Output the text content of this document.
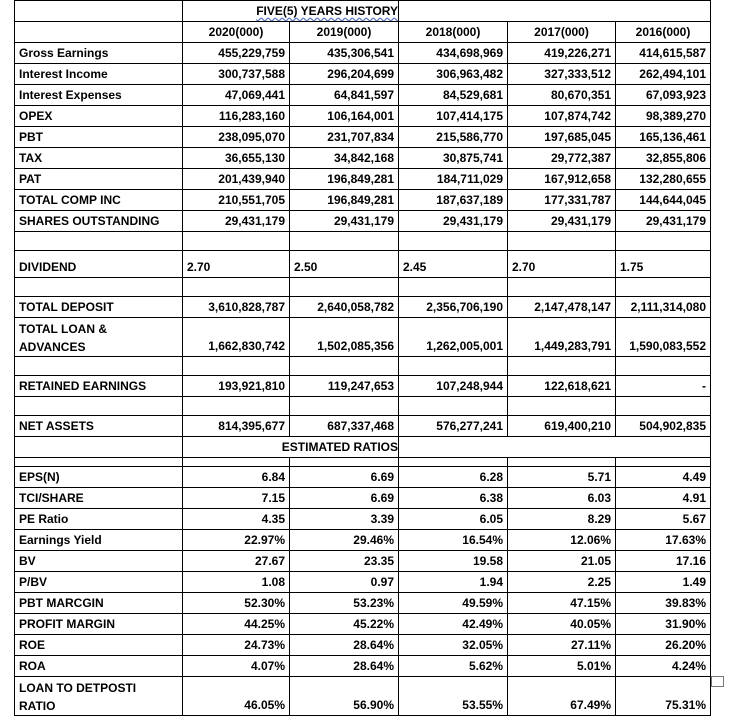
	FIVE(5) YEARS HISTORY				
	2020(000)	2019(000)	2018(000)	2017(000)	2016(000)
Gross Earnings	455,229,759	435,306,541	434,698,969	419,226,271	414,615,587
Interest Income	300,737,588	296,204,699	306,963,482	327,333,512	262,494,101
Interest Expenses	47,069,441	64,841,597	84,529,681	80,670,351	67,093,923
OPEX	116,283,160	106,164,001	107,414,175	107,874,742	98,389,270
PBT	238,095,070	231,707,834	215,586,770	197,685,045	165,136,461
TAX	36,655,130	34,842,168	30,875,741	29,772,387	32,855,806
PAT	201,439,940	196,849,281	184,711,029	167,912,658	132,280,655
TOTAL COMP INC	210,551,705	196,849,281	187,637,189	177,331,787	144,644,045
SHARES OUTSTANDING	29,431,179	29,431,179	29,431,179	29,431,179	29,431,179

DIVIDEND	2.70	2.50	2.45	2.70	1.75

TOTAL DEPOSIT	3,610,828,787	2,640,058,782	2,356,706,190	2,147,478,147	2,111,314,080

TOTAL LOAN &
ADVANCES	1,662,830,742	1,502,085,356	1,262,005,001	1,449,283,791	1,590,083,552

RETAINED EARNINGS	193,921,810	119,247,653	107,248,944	122,618,621	-

NET ASSETS	814,395,677	687,337,468	576,277,241	619,400,210	504,902,835
	ESTIMATED RATIOS				

EPS(N)	6.84	6.69	6.28	5.71	4.49
TCI/SHARE	7.15	6.69	6.38	6.03	4.91
PE Ratio	4.35	3.39	6.05	8.29	5.67
Earnings Yield	22.97%	29.46%	16.54%	12.06%	17.63%
BV	27.67	23.35	19.58	21.05	17.16
P/BV	1.08	0.97	1.94	2.25	1.49
PBT MARCGIN	52.30%	53.23%	49.59%	47.15%	39.83%
PROFIT MARGIN	44.25%	45.22%	42.49%	40.05%	31.90%
ROE	24.73%	28.64%	32.05%	27.11%	26.20%
ROA	4.07%	28.64%	5.62%	5.01%	4.24%

LOAN TO DETPOSTI
RATIO	46.05%	56.90%	53.55%	67.49%	75.31%
